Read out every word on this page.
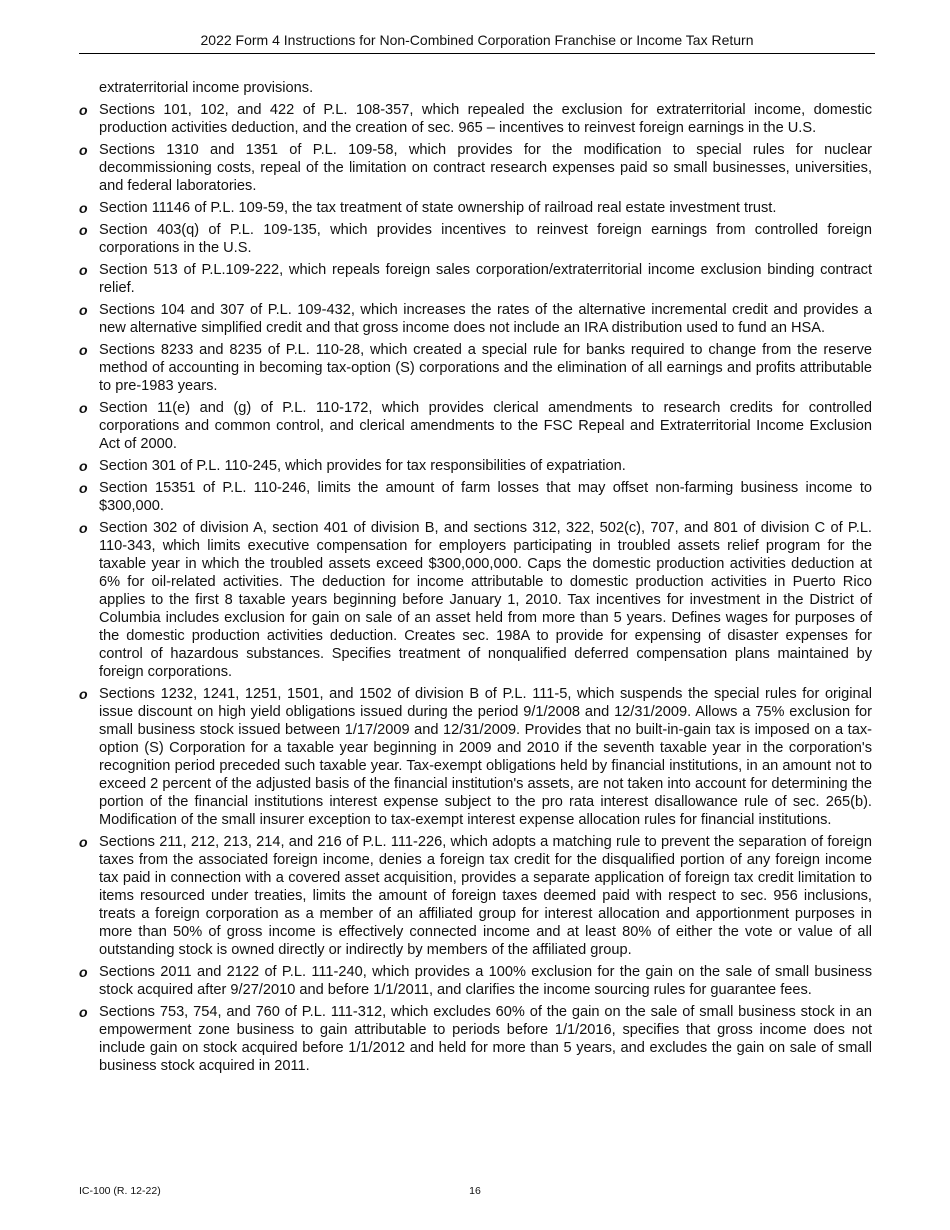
2022 Form 4 Instructions for Non-Combined Corporation Franchise or Income Tax Return

extraterritorial income provisions.

o Sections 101, 102, and 422 of P.L. 108-357, which repealed the exclusion for extraterritorial income, domestic production activities deduction, and the creation of sec. 965 – incentives to reinvest foreign earnings in the U.S.
o Sections 1310 and 1351 of P.L. 109-58, which provides for the modification to special rules for nuclear decommissioning costs, repeal of the limitation on contract research expenses paid so small businesses, universities, and federal laboratories.
o Section 11146 of P.L. 109-59, the tax treatment of state ownership of railroad real estate investment trust.
o Section 403(q) of P.L. 109-135, which provides incentives to reinvest foreign earnings from controlled foreign corporations in the U.S.
o Section 513 of P.L.109-222, which repeals foreign sales corporation/extraterritorial income exclusion binding contract relief.
o Sections 104 and 307 of P.L. 109-432, which increases the rates of the alternative incremental credit and provides a new alternative simplified credit and that gross income does not include an IRA distribution used to fund an HSA.
o Sections 8233 and 8235 of P.L. 110-28, which created a special rule for banks required to change from the reserve method of accounting in becoming tax-option (S) corporations and the elimination of all earnings and profits attributable to pre-1983 years.
o Section 11(e) and (g) of P.L. 110-172, which provides clerical amendments to research credits for controlled corporations and common control, and clerical amendments to the FSC Repeal and Extraterritorial Income Exclusion Act of 2000.
o Section 301 of P.L. 110-245, which provides for tax responsibilities of expatriation.
o Section 15351 of P.L. 110-246, limits the amount of farm losses that may offset non-farming business income to $300,000.
o Section 302 of division A, section 401 of division B, and sections 312, 322, 502(c), 707, and 801 of division C of P.L. 110-343, which limits executive compensation for employers participating in troubled assets relief program for the taxable year in which the troubled assets exceed $300,000,000. Caps the domestic production activities deduction at 6% for oil-related activities. The deduction for income attributable to domestic production activities in Puerto Rico applies to the first 8 taxable years beginning before January 1, 2010. Tax incentives for investment in the District of Columbia includes exclusion for gain on sale of an asset held from more than 5 years. Defines wages for purposes of the domestic production activities deduction. Creates sec. 198A to provide for expensing of disaster expenses for control of hazardous substances. Specifies treatment of nonqualified deferred compensation plans maintained by foreign corporations.
o Sections 1232, 1241, 1251, 1501, and 1502 of division B of P.L. 111-5, which suspends the special rules for original issue discount on high yield obligations issued during the period 9/1/2008 and 12/31/2009. Allows a 75% exclusion for small business stock issued between 1/17/2009 and 12/31/2009. Provides that no built-in-gain tax is imposed on a tax-option (S) Corporation for a taxable year beginning in 2009 and 2010 if the seventh taxable year in the corporation's recognition period preceded such taxable year. Tax-exempt obligations held by financial institutions, in an amount not to exceed 2 percent of the adjusted basis of the financial institution's assets, are not taken into account for determining the portion of the financial institutions interest expense subject to the pro rata interest disallowance rule of sec. 265(b). Modification of the small insurer exception to tax-exempt interest expense allocation rules for financial institutions.
o Sections 211, 212, 213, 214, and 216 of P.L. 111-226, which adopts a matching rule to prevent the separation of foreign taxes from the associated foreign income, denies a foreign tax credit for the disqualified portion of any foreign income tax paid in connection with a covered asset acquisition, provides a separate application of foreign tax credit limitation to items resourced under treaties, limits the amount of foreign taxes deemed paid with respect to sec. 956 inclusions, treats a foreign corporation as a member of an affiliated group for interest allocation and apportionment purposes in more than 50% of gross income is effectively connected income and at least 80% of either the vote or value of all outstanding stock is owned directly or indirectly by members of the affiliated group.
o Sections 2011 and 2122 of P.L. 111-240, which provides a 100% exclusion for the gain on the sale of small business stock acquired after 9/27/2010 and before 1/1/2011, and clarifies the income sourcing rules for guarantee fees.
o Sections 753, 754, and 760 of P.L. 111-312, which excludes 60% of the gain on the sale of small business stock in an empowerment zone business to gain attributable to periods before 1/1/2016, specifies that gross income does not include gain on stock acquired before 1/1/2012 and held for more than 5 years, and excludes the gain on sale of small business stock acquired in 2011.
IC-100 (R. 12-22)	16
